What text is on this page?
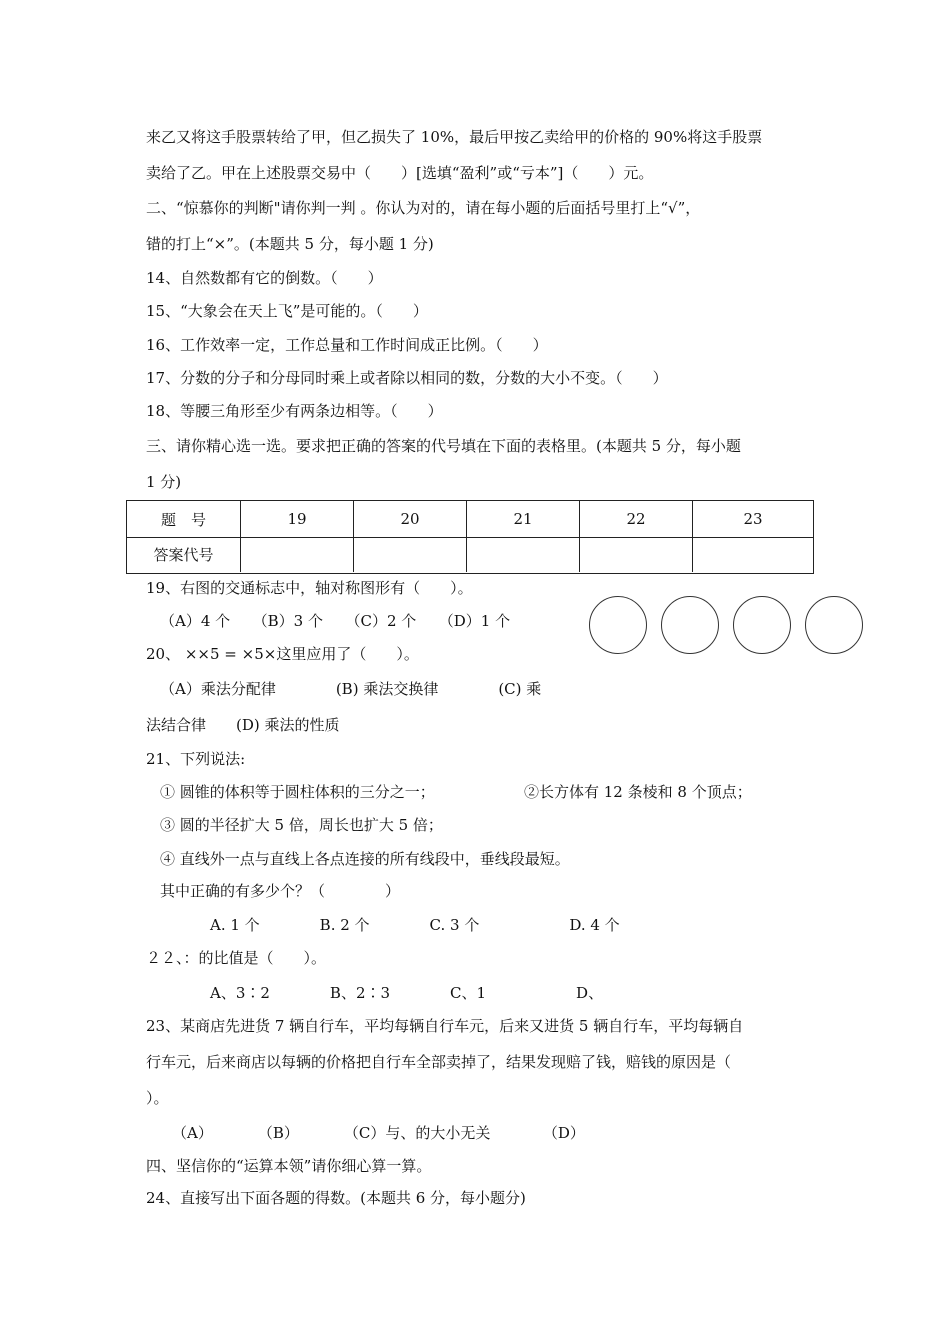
来乙又将这手股票转给了甲，但乙损失了 10%，最后甲按乙卖给甲的价格的 90%将这手股票
卖给了乙。甲在上述股票交易中（　　）[选填“盈利”或“亏本”]（　　）元。
二、“惊慕你的判断"请你判一判 。你认为对的，请在每小题的后面括号里打上“√”，
错的打上“×”。(本题共 5 分，每小题 1 分)
14、自然数都有它的倒数。（　　）
15、“大象会在天上飞”是可能的。（　　）
16、工作效率一定，工作总量和工作时间成正比例。（　　）
17、分数的分子和分母同时乘上或者除以相同的数，分数的大小不变。（　　）
18、等腰三角形至少有两条边相等。（　　）
三、请你精心选一选。要求把正确的答案的代号填在下面的表格里。(本题共 5 分，每小题
1 分)
题　号	19	20	21	22	23
答案代号
19、右图的交通标志中，轴对称图形有（　　）。
（A）4 个　　（B）3 个　　（C）2 个　　（D）1 个
20、 ××5 = ×5×这里应用了（　　）。
（A）乘法分配律　　　　(B) 乘法交换律　　　　(C) 乘
法结合律　　(D) 乘法的性质
21、下列说法:
① 圆锥的体积等于圆柱体积的三分之一；	②长方体有 12 条棱和 8 个顶点；
③ 圆的半径扩大 5 倍，周长也扩大 5 倍；
④ 直线外一点与直线上各点连接的所有线段中，垂线段最短。
其中正确的有多少个？（　　　　）
A. 1 个　　　　B. 2 个　　　　C. 3 个　　　　　　D. 4 个
２２、：的比值是（　　）。
A、3∶2　　　　B、2∶3　　　　C、1　　　　　　D、
23、某商店先进货 7 辆自行车，平均每辆自行车元，后来又进货 5 辆自行车，平均每辆自
行车元，后来商店以每辆的价格把自行车全部卖掉了，结果发现赔了钱，赔钱的原因是（
）。
（A）　　　　（B）　　　　（C）与、的大小无关　　　　（D）
四、坚信你的“运算本领”请你细心算一算。
24、直接写出下面各题的得数。(本题共 6 分，每小题分)
